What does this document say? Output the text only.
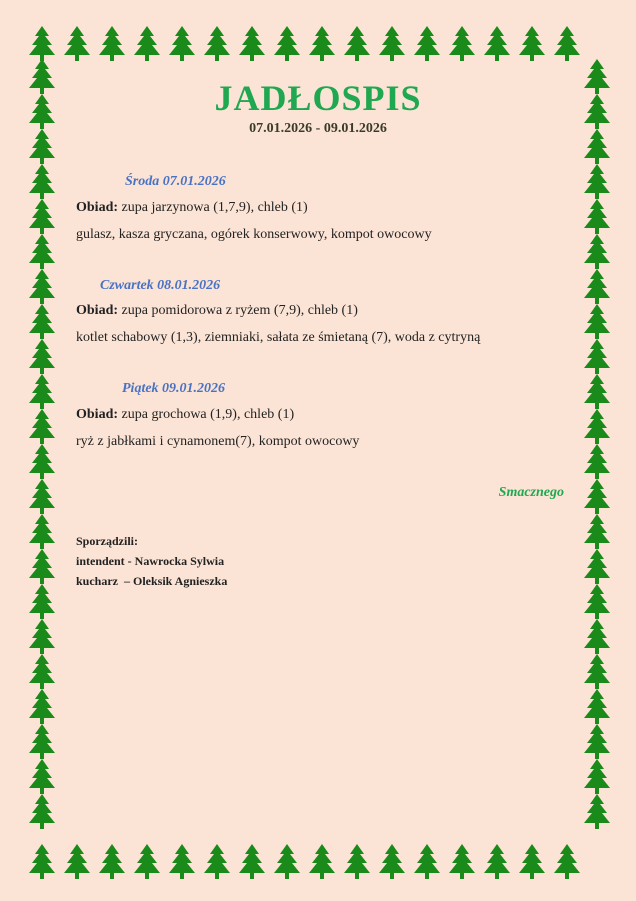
JADŁOSPIS
07.01.2026 - 09.01.2026
Środa 07.01.2026
Obiad: zupa jarzynowa (1,7,9), chleb (1)
gulasz, kasza gryczana, ogórek konserwowy, kompot owocowy
Czwartek 08.01.2026
Obiad: zupa pomidorowa z ryżem (7,9), chleb (1)
kotlet schabowy (1,3), ziemniaki, sałata ze śmietaną (7), woda z cytryną
Piątek 09.01.2026
Obiad: zupa grochowa (1,9), chleb (1)
ryż z jabłkami i cynamonem(7), kompot owocowy
Smacznego
Sporządzili:
intendent - Nawrocka Sylwia
kucharz  – Oleksik Agnieszka
